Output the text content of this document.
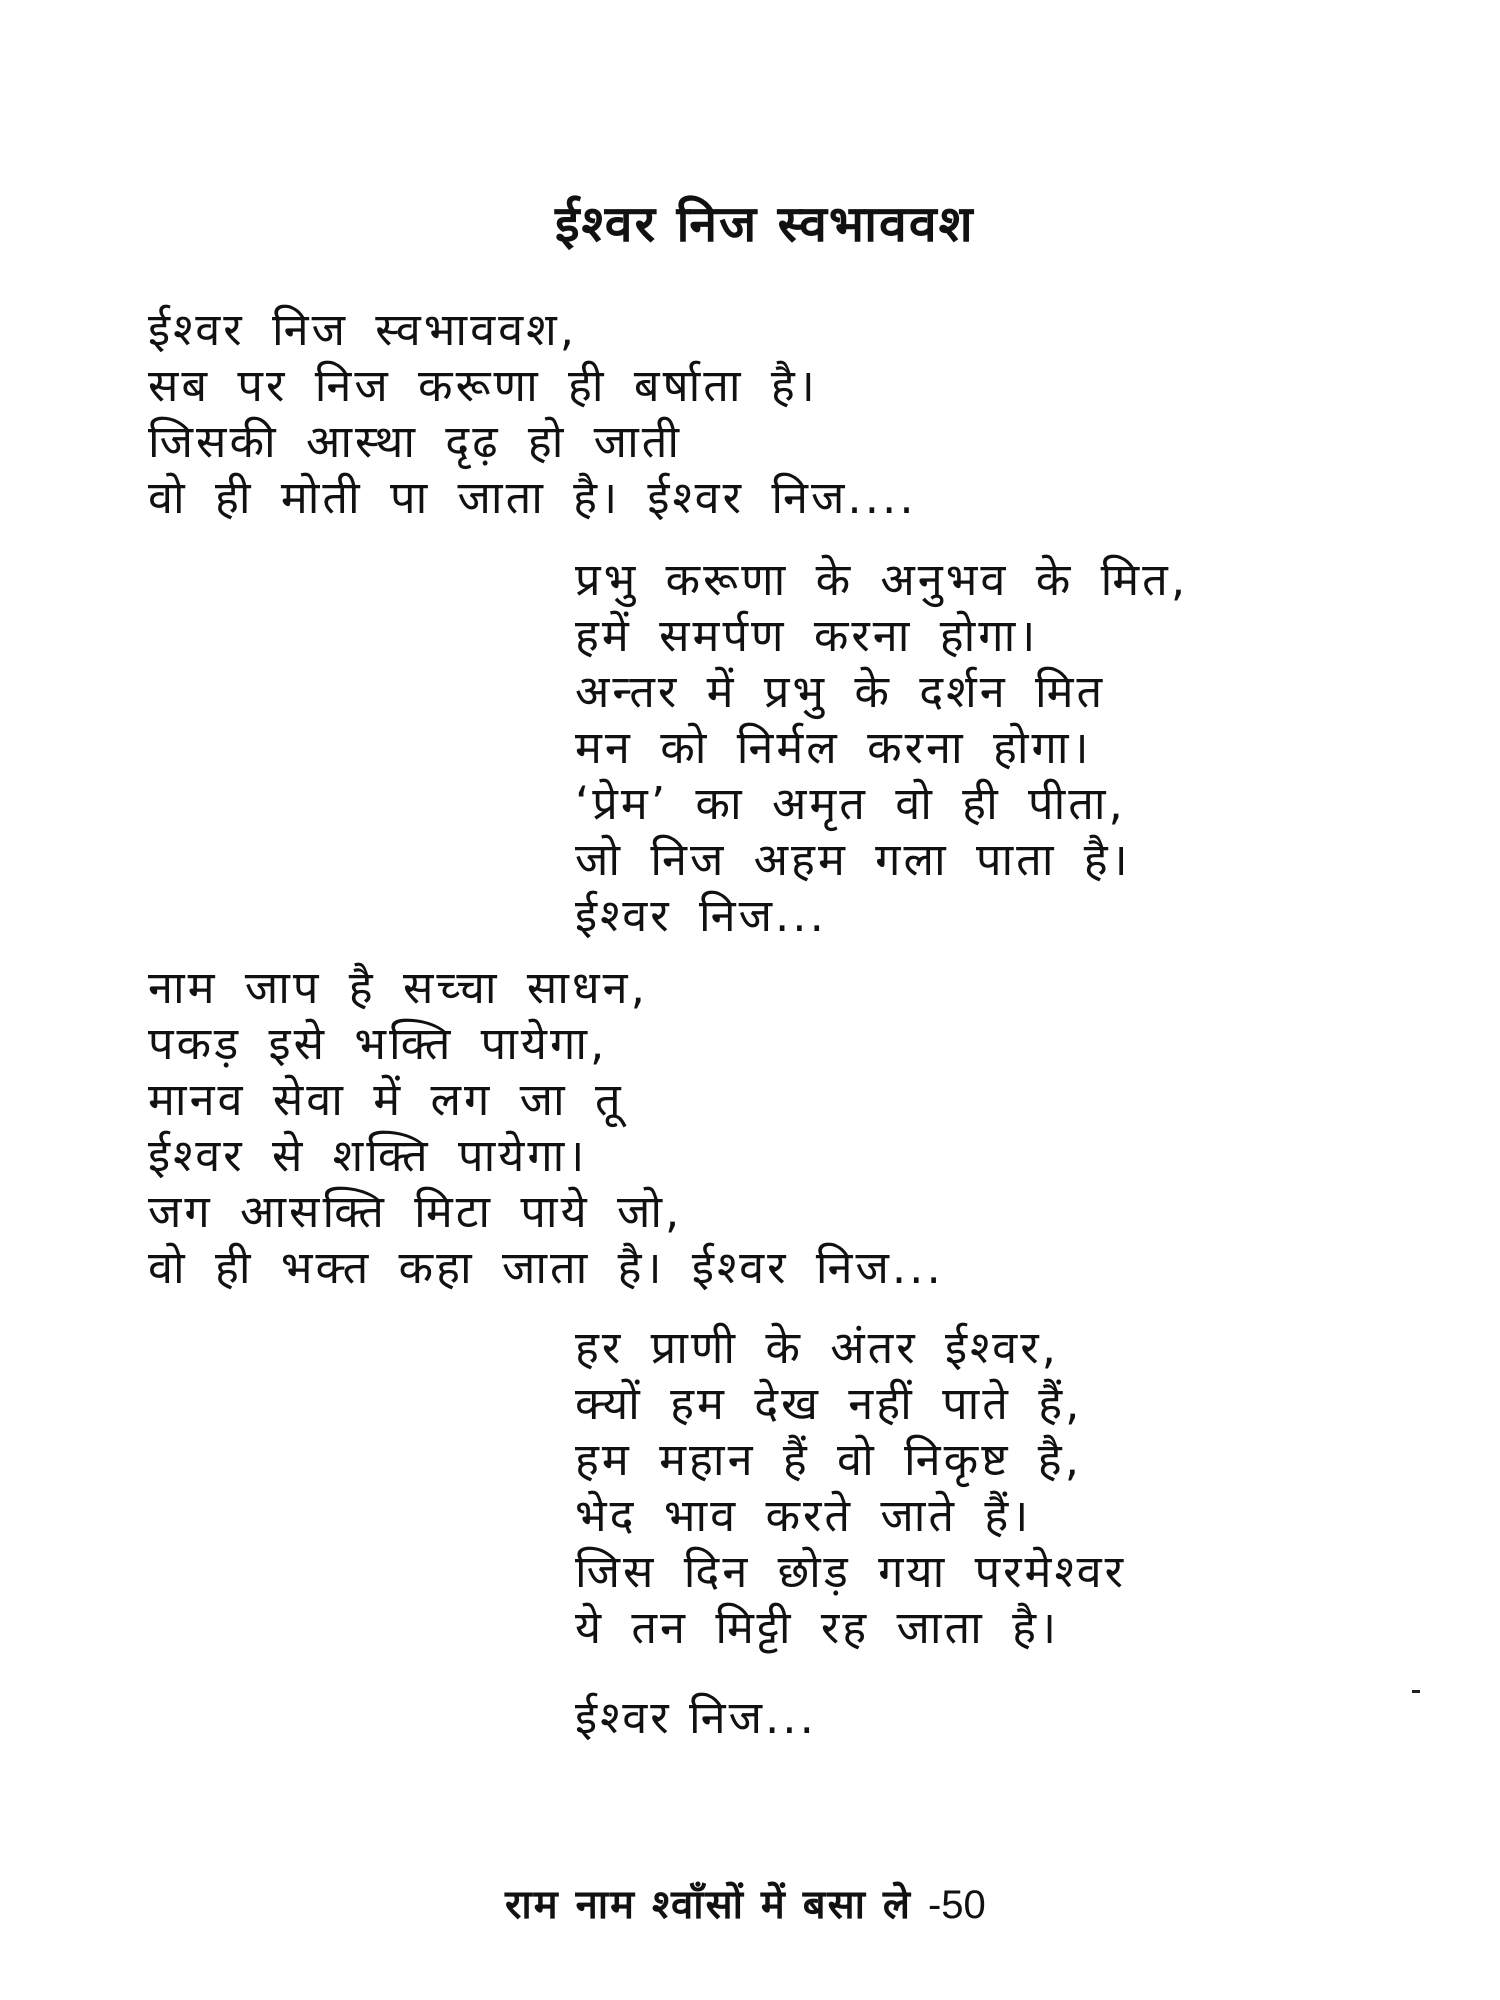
ईश्वर निज स्वभाववश
ईश्वर निज स्वभाववश,
सब पर निज करूणा ही बर्षाता है।
जिसकी आस्था दृढ़ हो जाती
वो ही मोती पा जाता है। ईश्वर निज....
प्रभु करूणा के अनुभव के मित,
हमें समर्पण करना होगा।
अन्तर में प्रभु के दर्शन मित
मन को निर्मल करना होगा।
‘प्रेम’ का अमृत वो ही पीता,
जो निज अहम गला पाता है।
ईश्वर निज...
नाम जाप है सच्चा साधन,
पकड़ इसे भक्ति पायेगा,
मानव सेवा में लग जा तू
ईश्वर से शक्ति पायेगा।
जग आसक्ति मिटा पाये जो,
वो ही भक्त कहा जाता है। ईश्वर निज...
हर प्राणी के अंतर ईश्वर,
क्यों हम देख नहीं पाते हैं,
हम महान हैं वो निकृष्ट है,
भेद भाव करते जाते हैं।
जिस दिन छोड़ गया परमेश्वर
ये तन मिट्टी रह जाता है।
ईश्वर निज...
राम नाम श्वाँसों में बसा ले -50
